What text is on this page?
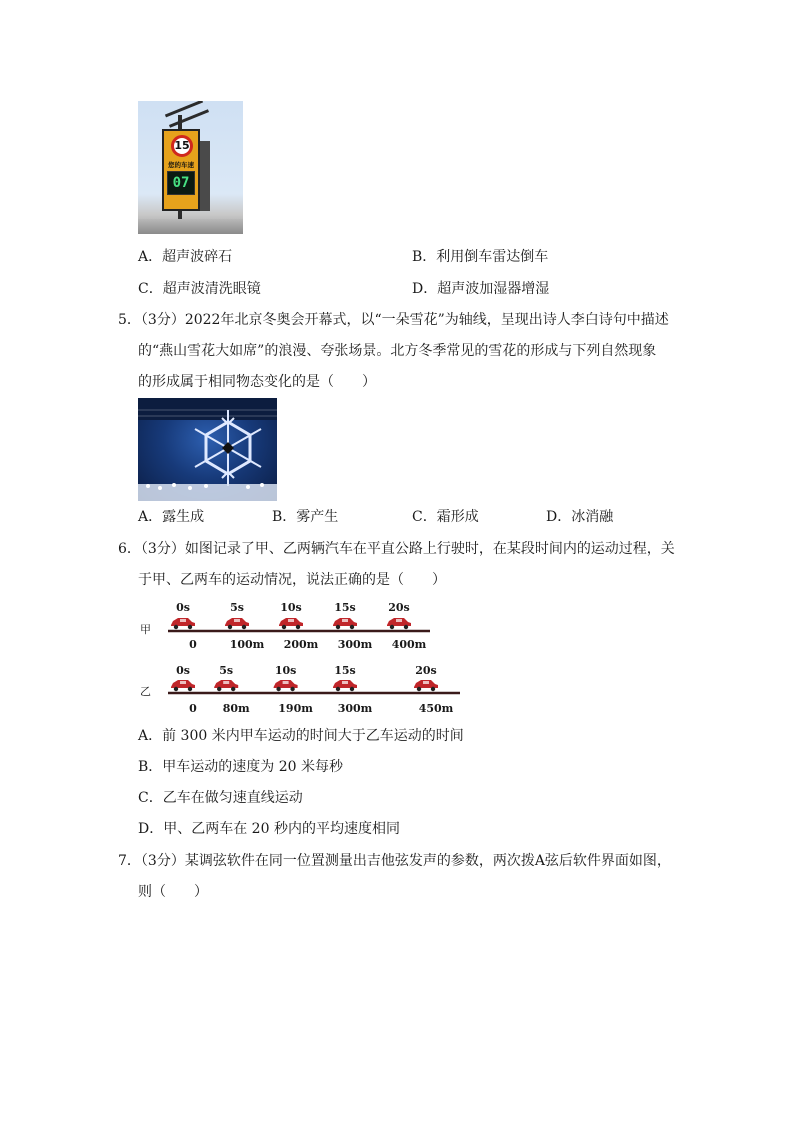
15
您的车速
07
A．超声波碎石	B．利用倒车雷达倒车
C．超声波清洗眼镜	D．超声波加湿器增湿
5．（3分）2022年北京冬奥会开幕式，以“一朵雪花”为轴线，呈现出诗人李白诗句中描述
的“燕山雪花大如席”的浪漫、夸张场景。北方冬季常见的雪花的形成与下列自然现象
的形成属于相同物态变化的是（　　）
A．露生成	B．雾产生	C．霜形成	D．冰消融
6．（3分）如图记录了甲、乙两辆汽车在平直公路上行驶时，在某段时间内的运动过程，关
于甲、乙两车的运动情况，说法正确的是（　　）
甲
乙
0s
0
5s
100m
10s
200m
15s
300m
20s
400m
0s
0
5s
80m
10s
190m
15s
300m
20s
450m
A．前 300 米内甲车运动的时间大于乙车运动的时间
B．甲车运动的速度为 20 米每秒
C．乙车在做匀速直线运动
D．甲、乙两车在 20 秒内的平均速度相同
7．（3分）某调弦软件在同一位置测量出吉他弦发声的参数，两次拨A弦后软件界面如图，
则（　　）
